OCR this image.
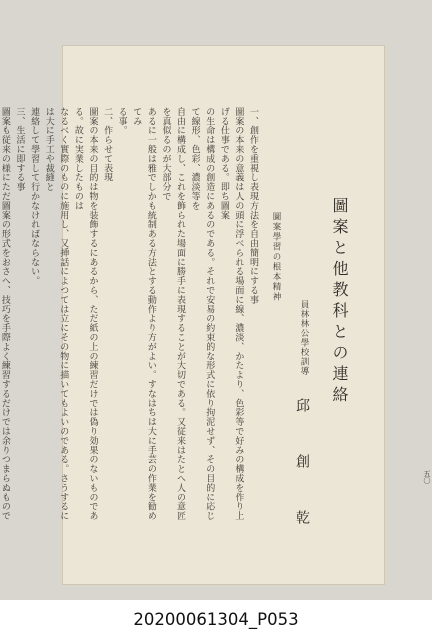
圖案と他教科との連絡
員林林公學校訓導
邱　創　乾
圖案學習の根本精神
五〇

一、創作を重視し表現方法を自由簡明にする事

圖案の本来の意義は人の頭に浮べられる場面に線、濃淡、かたより、色彩等で好みの構成を作り上げる仕事である。即ち圖案

の生命は構成の創造にあるのである。それで安易の約束的な形式に依り拘泥せず、その目的に応じて線形、色彩、濃淡等を

自由に構成し、これを飾られた場面に勝手に表現することが大切である。又従来はたとへ人の意匠を真似るのが大部分で

あるに一般は雅でしかも統制ある方法とする動作より方がよい。すなはちは大に手芸の作業を勧めてみ

る事。

二、作らせて表現

圖案の本来の目的は物を装飾するにあるから、ただ紙の上の練習だけでは偽り効果のないものである。故に実業したものは

なるべく實際のものに施用し、又挿話によつては立にその物に描いてもよいのである。さうするには大に手工や裁縫と

連絡して學習して行かなければならない。

三、生活に即する事

圖案も従来の様にただ圖案の形式をおさへ、技巧を手際よく練習するだけでは余りつまらぬもので

20200061304_P053
